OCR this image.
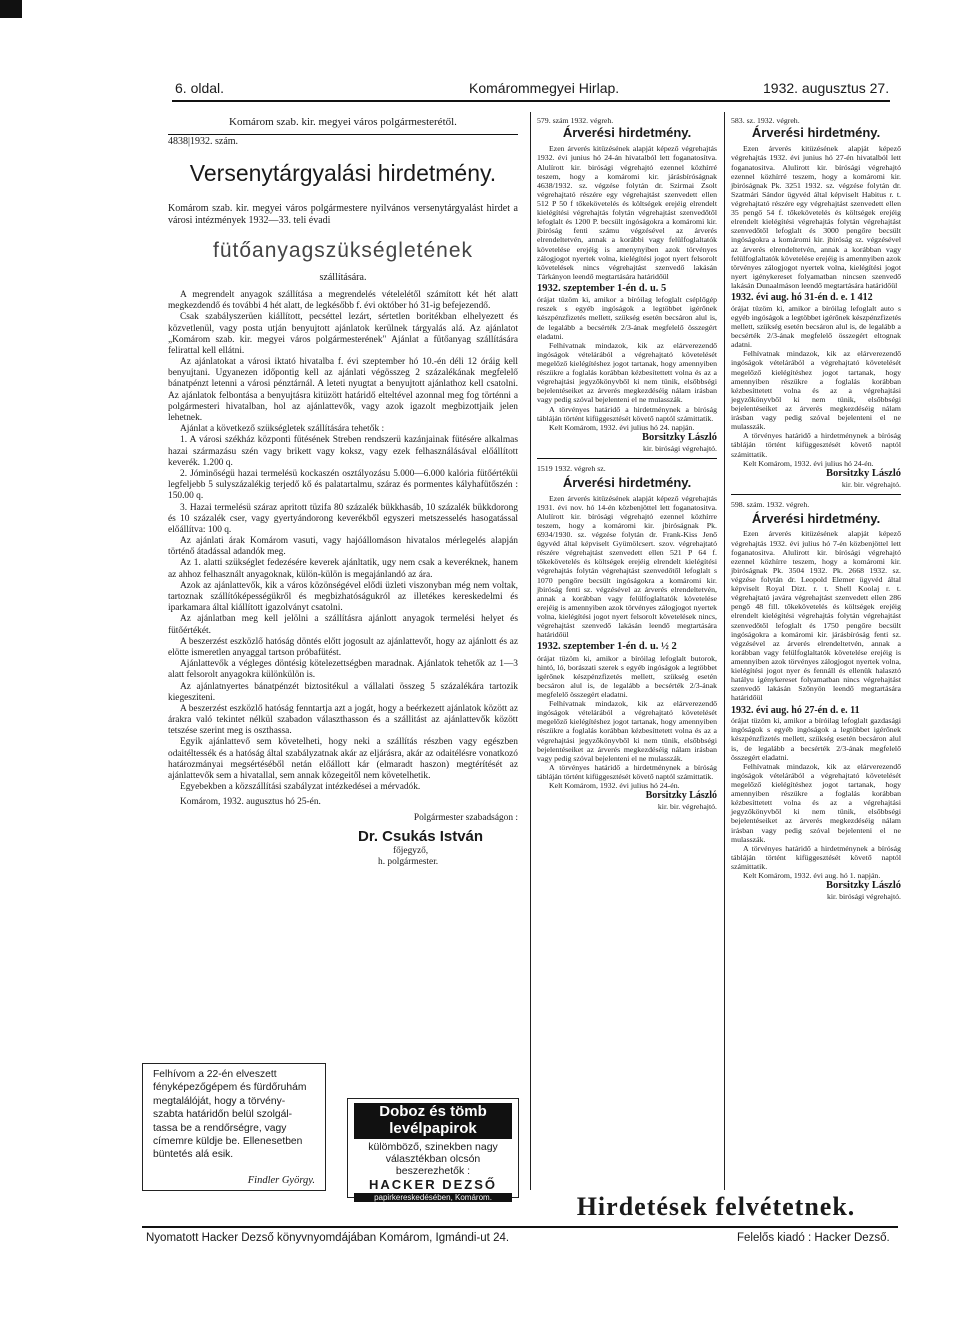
6. oldal.	Komárommegyei Hirlap.	1932. augusztus 27.
Komárom szab. kir. megyei város polgármesterétől.
4838|1932. szám.
Versenytárgyalási hirdetmény.

Komárom szab. kir. megyei város polgármestere nyilvános versenytárgyalást hirdet a városi intézmények 1932—33. teli évadi

fütőanyagszükségletének
szállítására.

A megrendelt anyagok szállítása a megrendelés vételelétől számított két hét alatt megkezdendő és további 4 hét alatt, de legkésőbb f. évi október hó 31-ig befejezendő.

Csak szabályszerüen kiállított, pecséttel lezárt, sértetlen boritékban elhelyezett és közvetlenül, vagy posta utján benyujtott ajánlatok kerülnek tárgyalás alá. Az ajánlatot „Komárom szab. kir. megyei város polgármesterének" Ajánlat a fütőanyag szállítására felirattal kell ellátni.

Az ajánlatokat a városi iktató hivatalba f. évi szeptember hó 10.-én déli 12 óráig kell benyujtani. Ugyanezen időpontig kell az ajánlati végösszeg 2 százalékának megfelelő bánatpénzt letenni a városi pénztárnál. A leteti nyugtat a benyujtott ajánlathoz kell csatolni. Az ajánlatok felbontása a benyujtásra kitüzött határidő elteltével azonnal meg fog történni a polgármesteri hivatalban, hol az ajánlattevők, vagy azok igazolt megbizottjaik jelen lehetnek.

Ajánlat a következő szükségletek szállítására tehetők :

1. A városi székház központi fütésének Streben rendszerü kazánjainak fütésére alkalmas hazai származásu szén vagy brikett vagy koksz, vagy ezek felhasználásával előállított keverék. 1.200 q.

2. Jóminőségü hazai termelésü kockaszén osztályozásu 5.000—6.000 kalória fütőértéküi legfeljebb 5 sulyszázalékig terjedő kő és palatartalmu, száraz és pormentes kályhafütőszén : 150.00 q.

3. Hazai termelésü száraz apritott tüzifa 80 százalék bükkhasáb, 10 százalék bükkdorong és 10 százalék cser, vagy gyertyándorong keverékből egyszeri metszesselés hasogatással előállítva: 100 q.

Az ajánlati árak Komárom vasuti, vagy hajóállomáson hivatalos mérlegelés alapján történő átadással adandók meg.

Az 1. alatti szükséglet fedezésére keverek ajánltatik, ugy nem csak a keveréknek, hanem az ahhoz felhasznált anyagoknak, külön-külön is megajánlandó az ára.

Azok az ajánlattevők, kik a város közönségével elődi üzleti viszonyban még nem voltak, tartoznak szállítóképességükről és megbizhatóságukról az illetékes kereskedelmi és iparkamara által kiállított igazolványt csatolni.

Az ajánlatban meg kell jelölni a szállításra ajánlott anyagok termelési helyet és fütőértékét.

A beszerzést eszközlő hatóság döntés előtt jogosult az ajánlattevőt, hogy az ajánlott és az elötte ismeretlen anyaggal tartson próbafütést.

Ajánlattevők a végleges döntésig kötelezettségben maradnak. Ajánlatok tehetők az 1—3 alatt felsorolt anyagokra különkülön is.

Az ajánlatnyertes bánatpénzét biztositékul a vállalati összeg 5 százalékára tartozik kiegesziteni.

A beszerzést eszközlő hatóság fenntartja azt a jogát, hogy a beérkezett ajánlatok között az árakra való tekintet nélkül szabadon választhasson és a szállitást az ajánlattevők között tetszése szerint meg is oszthassa.

Egyik ajánlattevő sem követelheti, hogy neki a szállítás részben vagy egészben odaitéltessék és a hatóság által szabályzatnak akár az eljárásra, akár az odaitélésre vonatkozó határozmányai megsértéséből netán előállott kár (elmaradt haszon) megtérítését az ajánlattevők sem a hivatallal, sem annak közegeitől nem követelhetik.

Egyebekben a közszállítási szabályzat intézkedései a mérvadók.

Komárom, 1932. augusztus hó 25-én.

Polgármester szabadságon :
Dr. Csukás István
főjegyző,
h. polgármester.
Felhívom a 22-én elveszett
fényképezőgépem és fürdőruhám
megtalálóját, hogy a törvény-
szabta határidőn belül szolgál-
tassa be a rendőrségre, vagy
címemre küldje be. Ellenesetben
büntetés alá esik.
Findler György.
Doboz és tömb levélpapirok
külömböző, szinekben nagy
választékban olcsón
beszerezhetők :
HACKER DEZSŐ
papirkereskedésében, Komárom.
579. szám 1932. végreh.
Árverési hirdetmény.

Ezen árverés kitüzésének alapját képező végrehajtás 1932. évi junius hó 24-án hivatalból lett foganatosítva. Alulírott kir. birósági végrehajtó ezennel közhírré teszem, hogy a komáromi kir. járásbíróságnak 4638/1932. sz. végzése folytán dr. Szirmai Zsolt végrehajtató részére egy végrehajtást szenvedett ellen 512 P 50 f tőkekövetelés és költségek erejéig elrendelt kielégítési végrehajtás folytán végrehajtást szenvedőtől lefoglalt és 1200 P. becsült ingóságokra a komáromi kir. jbiróság fenti számu végzésével az árverés elrendeltetvén, annak a korábbi vagy felülfoglaltatók követelése erejéig is amenynyiben azok törvényes zálogjogot nyertek volna, kielégítési jogot nyert felsorolt követelések nincs végrehajtást szenvedő lakásán Tárkányon leendő megtartására határidőül

1932. szeptember 1-én d. u. 5

órájat tüzöm ki, amikor a bíróilag lefoglalt cséplőgép reszek s egyéb ingóságok a legtöbbet igérőnek készpénzfizetés mellett, szükség esetén becsáron alul is, de legalább a becsérték 2/3-ának megfelelő összegért eladatni.

Felhívatnak mindazok, kik az elárverezendő ingóságok vételárából a végrehajtató követelését megelőző kielégítéshez jogot tartanak, hogy amennyiben részükre a foglalás korábban kézbesítettett volna és az a végrehajtási jegyzőkönyvből ki nem tünik, elsőbbségi bejelentéseiket az árverés megkezdéséig nálam irásban vagy pedig szóval bejelenteni el ne mulasszák.

A törvényes határidő a hirdetménynek a bíróság tábláján történt kifüggesztését követő naptól számittatik.

Kelt Komárom, 1932. évi julius hó 24. napján.

Borsitzky László
kir. birósági végrehajtó.
1519 1932. végreh sz.
Árverési hirdetmény.

Ezen árverés kitüzésének alapját képező végrehajtás 1931. évi nov. hó 14-én közbenjöttel lett foganatositva. Alulírott kir. bírósági végrehajtó ezennel közhírre teszem, hogy a komáromi kir. jbiróságnak Pk. 6934/1930. sz. végzése folytán dr. Frank-Kiss Jenő ügyvéd által képviselt Gyümölcsert. szov. végrehajtató részére végrehajtást szenvedett ellen 521 P 64 f. tőkekövetelés és költségek erejéig elrendelt kielégítési végrehajtás folytán végrehajtást szenvedőtől lefoglalt s 1070 pengőre becsült ingóságokra a komáromi kir. jbiróság fenti sz. végzésével az árverés elrendeltetvén, annak a korábban vagy felülfoglaltatók követelése erejéig is amennyiben azok törvényes zálogjogot nyertek volna, kielégítési jogot nyert felsorolt követelések nincs, végrehajtást szenvedő lakásán leendő megtartására határidőül

1932. szeptember 1-én d. u. ½ 2

órájat tüzöm ki, amikor a bíróilag lefoglalt butorok, hintó, ló, borászati szerek s egyéb ingóságok a legtöbbet igérőnek készpénzfizetés mellett, szükség esetén becsáron alul is, de legalább a becsérték 2/3-ának megfelelő összegért eladatni.

Felhívatnak mindazok, kik az elárverezendő ingóságok vételárából a végrehajtató követelését megelőző kielégítéshez jogot tartanak, hogy amennyiben részükre a foglalás korábban kézbesíttetett volna és az a végrehajtási jegyzőkönyvből ki nem tünik, elsőbbségi bejelentéseiket az árverés megkezdéséig nálam irásban vagy pedig szóval bejelenteni el ne mulasszák.

A törvényes határidő a hirdetménynek a bíróság tábláján történt kifüggesztését követő naptól számittatik.

Kelt Komárom, 1932. évi julius hó 24-én.

Borsitzky László
kir. bir. végrehajtó.
583. sz. 1932. végreh.
Árverési hirdetmény.

Ezen árverés kitüzésének alapját képező végrehajtás 1932. évi junius hó 27-én hivatalból lett foganatositva. Alulirott kir. bírósági végrehajtó ezennel közhírré teszem, hogy a komáromi kir. jbiróságnak Pk. 3251 1932. sz. végzése folytán dr. Szatmári Sándor ügyvéd által képviselt Habitus r. t. végrehajtató részére egy végrehajtást szenvedett ellen 35 pengő 54 f. tőkekövetelés és költségek erejéig elrendelt kielégítési végrehajtás folytán végrehajtást szenvedőtől lefoglalt és 3000 pengőre becsült ingóságokra a komáromi kir. jbiróság sz. végzésével az árverés elrendeltetvén, annak a korábban vagy felülfoglaltatók követelése erejéig is amennyiben azok törvényes zálogjogot nyertek volna, kielégítési jogot nyert igénykereset folyamatban nincsen szenvedő lakásán Dunaalmáson leendő megtartására határidőül

1932. évi aug. hó 31-én d. e. 1 412

órájat tüzöm ki, amikor a bíróilag lefoglalt auto s egyéb ingóságok a legtöbbet igérőnek készpénzfizetés mellett, szükség esetén becsáron alul is, de legalább a becsérték 2/3-ának megfelelő összegért eltognak adatni.

Felhívatnak mindazok, kik az elárverezendő ingóságok vételárából a végrehajtató követelését megelőző kielégítéshez jogot tartanak, hogy amennyiben részükre a foglalás korábban kézbesíttetett volna és az a végrehajtási jegyzőkönyvből ki nem tünik, elsőbbségi bejelentéseiket az árverés megkezdéséig nálam irásban vagy pedig szóval bejelenteni el ne mulasszák.

A törvényes határidő a hirdetménynek a bíróság tábláján történt kifüggesztését követő naptól számittatik.

Kelt Komárom, 1932. évi julius hó 24-én.

Borsitzky László
kir. bir. végrehajtó.
598. szám. 1932. végreh.
Árverési hirdetmény.

Ezen árverés kitüzésének alapját képező végrehajtás 1932. évi julius hó 7-én közbenjöttel lett foganatositva. Alulirott kir. bírósági végrehajtó ezennel közhírre teszem, hogy a komáromi kir. jbiróságnak Pk. 3504 1932. Pk. 2668 1932. sz. végzése folytán dr. Leopold Elemer ügyvéd által képviselt Royal Dizt. r. t. Shell Koolaj r. t. végrehajtató javára végrehajtást szenvedett ellen 286 pengő 48 fill. tőkekövetelés és költségek erejéig elrendelt kielégítési végrehajtás folytán végrehajtást szenvedőtől lefoglalt és 1750 pengőre becsült ingóságokra a komáromi kir. járásbíróság fenti sz. végzésével az árverés elrendeltetvén, annak a korábban vagy felülfoglaltatók követelése erejéig is amennyiben azok törvényes zálogjogot nyertek volna, kielégítési jogot nyer és fennáll és ellenük halasztó hatályu igénykereset folyamatban nincs végrehajtást szenvedő lakásán Szőnyön leendő megtartására határidőül

1932. évi aug. hó 27-én d. e. 11

órájat tüzöm ki, amikor a bíróilag lefoglalt gazdasági ingóságok s egyéb ingóságok a legtöbbet igérőnek készpénzfizetés mellett, szükség esetén becsáron alul is, de legalább a becsérték 2/3-ának megfelelő összegért eladatni.

Felhívatnak mindazok, kik az elárverezendő ingóságok vételárából a végrehajtató követelését megelőző kielégítéshez jogot tartanak, hogy amennyiben részükre a foglalás korábban kézbesíttetett volna és az a végrehajtási jegyzőkönyvből ki nem tünik, elsőbbségi bejelentéseiket az árverés megkezdéséig nálam irásban vagy pedig szóval bejelenteni el ne mulasszák.

A törvényes határidő a hirdetménynek a bíróság tábláján történt kifüggesztését követő naptól számittatik.

Kelt Komárom, 1932. évi aug. hó 1. napján.

Borsitzky László
kir. birósági végrehajtó.
Hirdetések felvétetnek.
Nyomatott Hacker Dezső könyvnyomdájában Komárom, Igmándi-ut 24.	Felelős kiadó : Hacker Dezső.
